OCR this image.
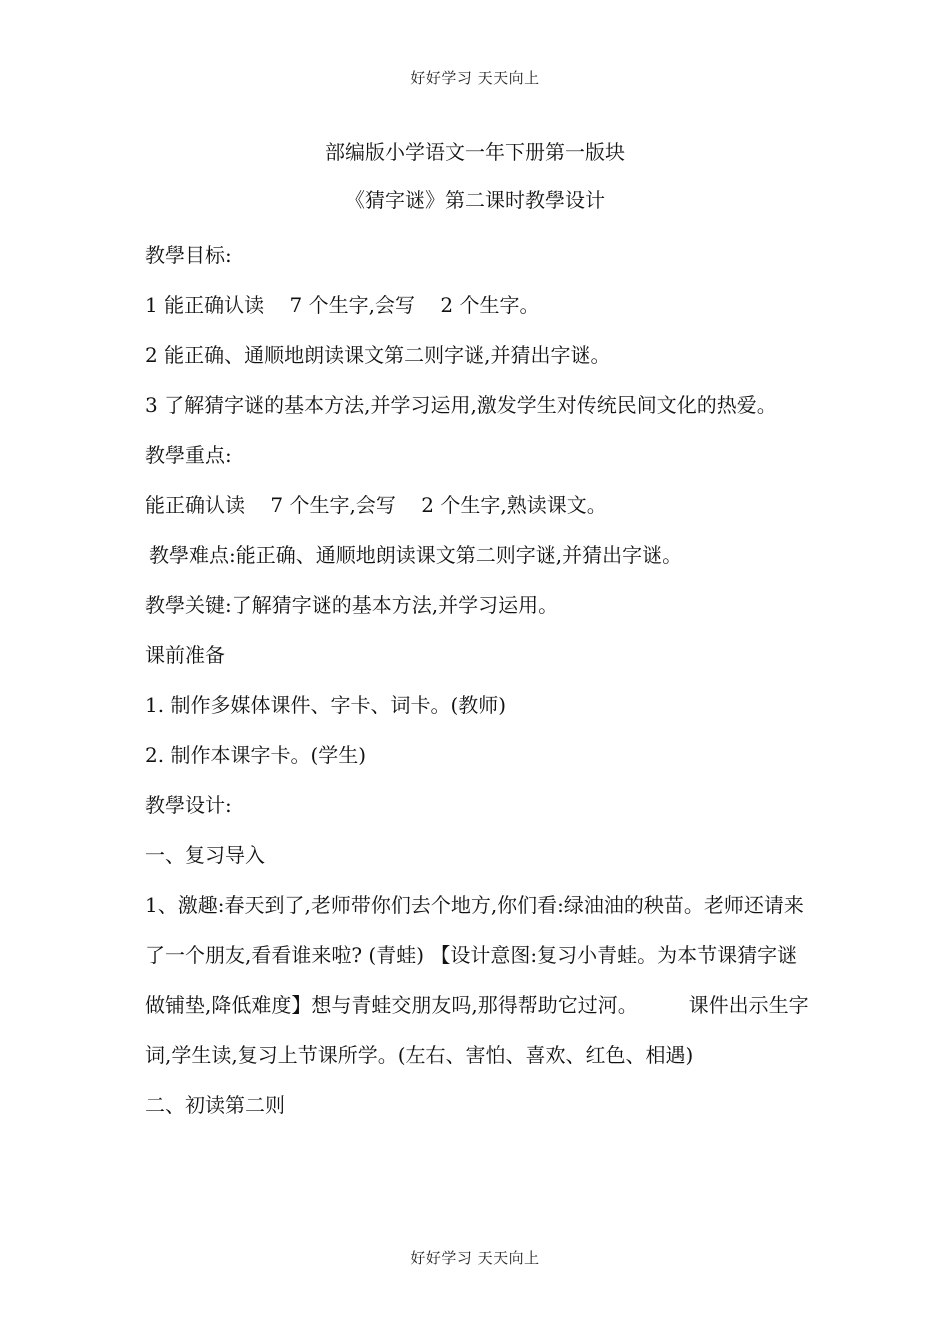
好好学习 天天向上
部编版小学语文一年下册第一版块
《猜字谜》第二课时教學设计

教學目标:

1 能正确认读    7 个生字,会写    2 个生字。

2 能正确、通顺地朗读课文第二则字谜,并猜出字谜。

3 了解猜字谜的基本方法,并学习运用,激发学生对传统民间文化的热爱。

教學重点:

能正确认读    7 个生字,会写    2 个生字,熟读课文。

教學难点:能正确、通顺地朗读课文第二则字谜,并猜出字谜。

教學关键:了解猜字谜的基本方法,并学习运用。

课前准备

1. 制作多媒体课件、字卡、词卡。(教师)

2. 制作本课字卡。(学生)

教學设计:

一、复习导入

1、激趣:春天到了,老师带你们去个地方,你们看:绿油油的秧苗。老师还请来了一个朋友,看看谁来啦? (青蛙) 【设计意图:复习小青蛙。为本节课猜字谜做铺垫,降低难度】想与青蛙交朋友吗,那得帮助它过河。        课件出示生字词,学生读,复习上节课所学。(左右、害怕、喜欢、红色、相遇)

二、初读第二则

好好学习 天天向上
